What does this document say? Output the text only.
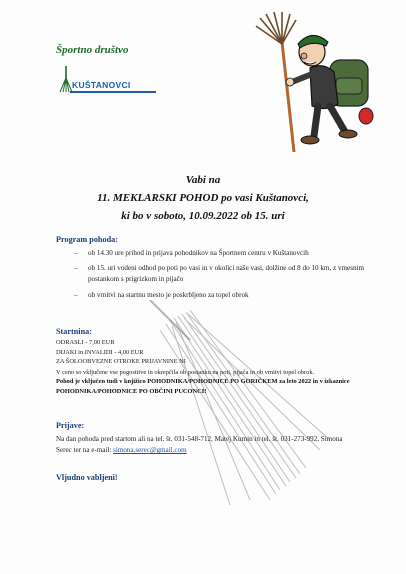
Športno društvo
KUŠTANOVCI
Vabi na
11. MEKLARSKI POHOD po vasi Kuštanovci,
ki bo v soboto, 10.09.2022 ob 15. uri
Program pohoda:
– ob 14.30 ure prihod in prijava pohodnikov na Športnem centru v Kuštanovcih
– ob 15. uri vodeni odhod po poti po vasi in v okolici naše vasi, dolžine od 8 do 10 km, z vmesnim postankom s prigrizkom in pijačo
– ob vrnitvi na startnu mesto je poskrbljeno za topel obrok
Startnina:
ODRASLI - 7,00 EUR
DIJAKI in INVALIDI - 4,00 EUR
ZA ŠOLOOBVEZNE OTROKE PRIJAVNINE NI
V ceno so vključene vse pogostitve in okrepčila ob postanku na poti, pijača in ob vrnitvi topel obrok.
Pohod je vključen tudi v knjižico POHODNIKA/POHODNICE PO GORIČKEM za leto 2022 in v izkaznice POHODNIKA/POHODNICE PO OBČINI PUCONCI!
Prijave:
Na dan pohoda pred startom ali na tel. št. 031-548-712, Matej Kumin in tel. št. 031-273-992, Simona Serec ter na e-mail: simona.serec@gmail.com
Vljudno vabljeni!
